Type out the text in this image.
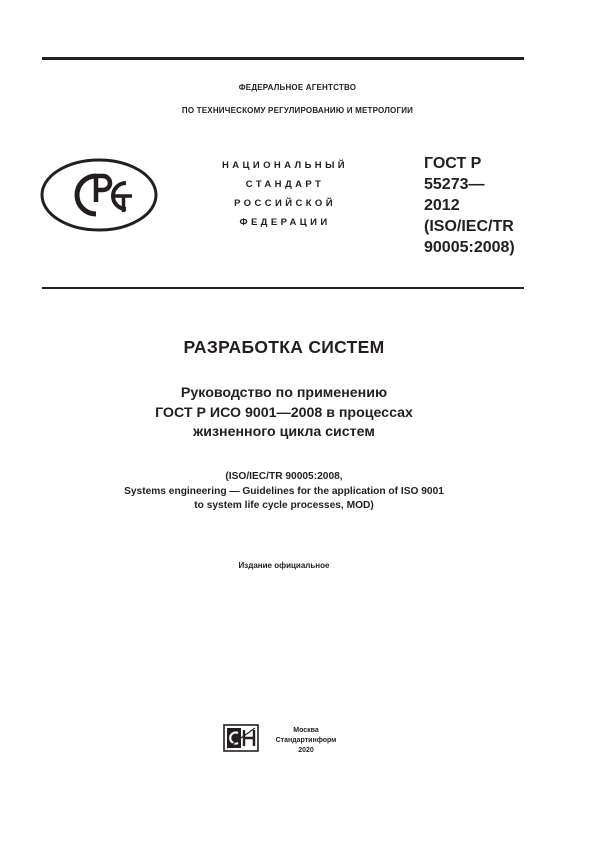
ФЕДЕРАЛЬНОЕ АГЕНТСТВО
ПО ТЕХНИЧЕСКОМУ РЕГУЛИРОВАНИЮ И МЕТРОЛОГИИ
НАЦИОНАЛЬНЫЙ
СТАНДАРТ
РОССИЙСКОЙ
ФЕДЕРАЦИИ
ГОСТ Р
55273—
2012
(ISO/IEC/TR
90005:2008)
РАЗРАБОТКА СИСТЕМ
Руководство по применению
ГОСТ Р ИСО 9001—2008 в процессах
жизненного цикла систем
(ISO/IEC/TR 90005:2008,
Systems engineering — Guidelines for the application of ISO 9001
to system life cycle processes, MOD)
Издание официальное
Москва
Стандартинформ
2020
